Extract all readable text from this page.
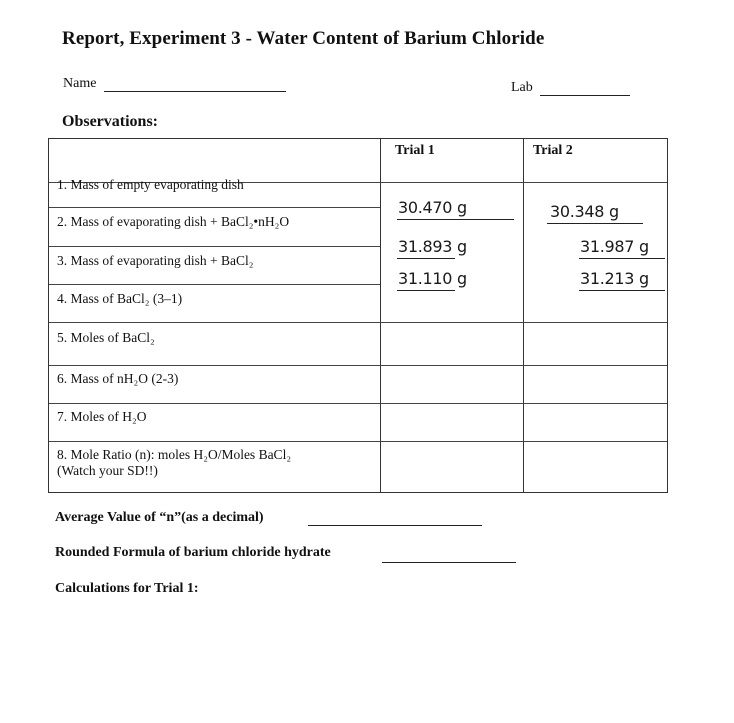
Report, Experiment 3 - Water Content of Barium Chloride
Name	Lab
Observations:
Trial 1	Trial 2
1. Mass of empty evaporating dish
2. Mass of evaporating dish + BaCl₂•nH₂O
3. Mass of evaporating dish + BaCl₂
4. Mass of BaCl₂ (3–1)
5. Moles of BaCl₂
6. Mass of nH₂O (2-3)
7. Moles of H₂O
8. Mole Ratio (n): moles H₂O/Moles BaCl₂
(Watch your SD!!)
30.470 g
31.893 g
31.110 g
30.348 g
31.987 g
31.213 g
Average Value of “n”(as a decimal)
Rounded Formula of barium chloride hydrate
Calculations for Trial 1:
